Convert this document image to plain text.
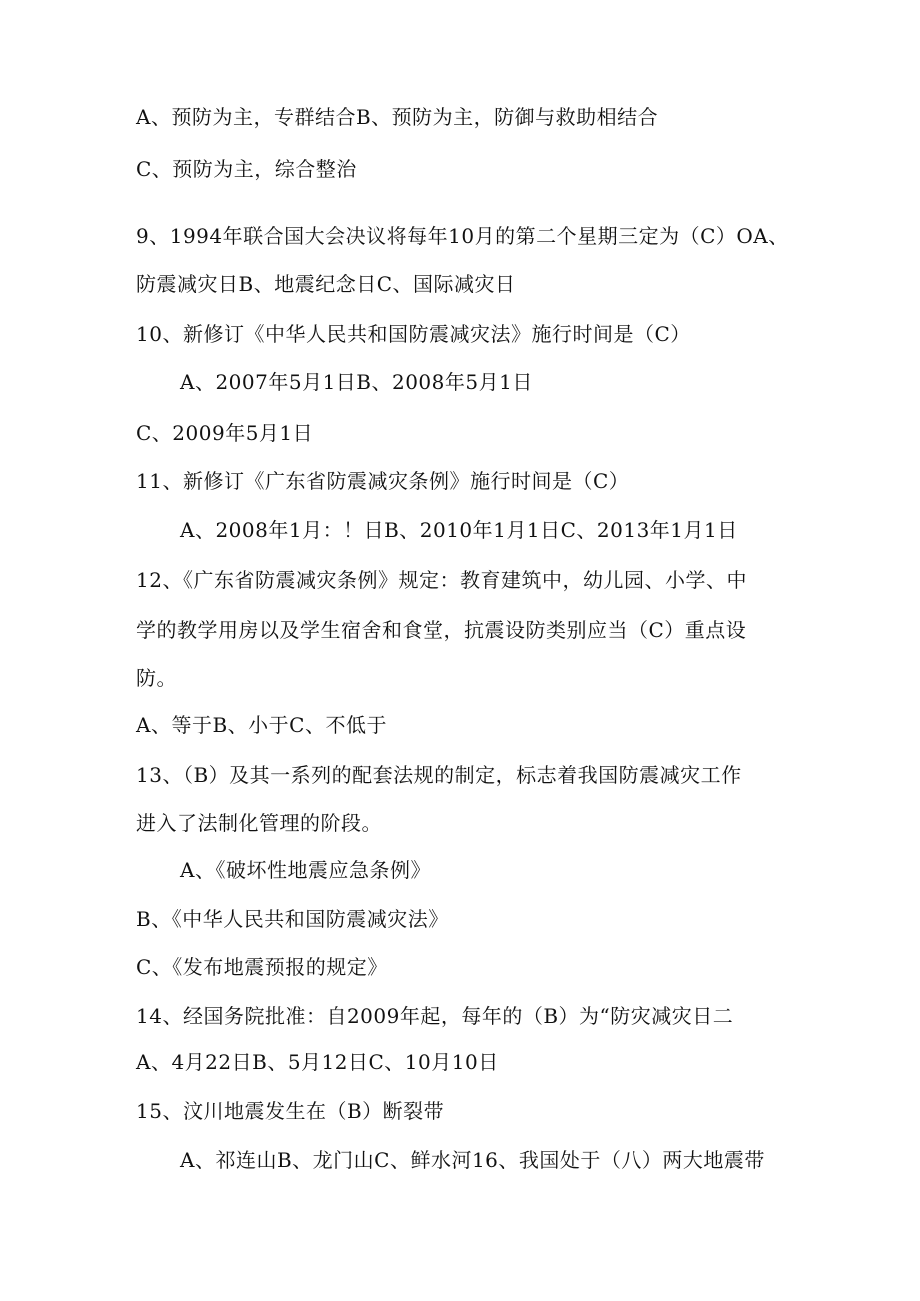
A、预防为主，专群结合B、预防为主，防御与救助相结合
C、预防为主，综合整治
9、1994年联合国大会决议将每年10月的第二个星期三定为（C）OA、
防震减灾日B、地震纪念日C、国际减灾日
10、新修订《中华人民共和国防震减灾法》施行时间是（C）
A、2007年5月1日B、2008年5月1日
C、2009年5月1日
11、新修订《广东省防震减灾条例》施行时间是（C）
A、2008年1月：！日B、2010年1月1日C、2013年1月1日
12、《广东省防震减灾条例》规定：教育建筑中，幼儿园、小学、中
学的教学用房以及学生宿舍和食堂，抗震设防类别应当（C）重点设
防。
A、等于B、小于C、不低于
13、（B）及其一系列的配套法规的制定，标志着我国防震减灾工作
进入了法制化管理的阶段。
A、《破坏性地震应急条例》
B、《中华人民共和国防震减灾法》
C、《发布地震预报的规定》
14、经国务院批准：自2009年起，每年的（B）为“防灾减灾日二
A、4月22日B、5月12日C、10月10日
15、汶川地震发生在（B）断裂带
A、祁连山B、龙门山C、鲜水河16、我国处于（八）两大地震带
